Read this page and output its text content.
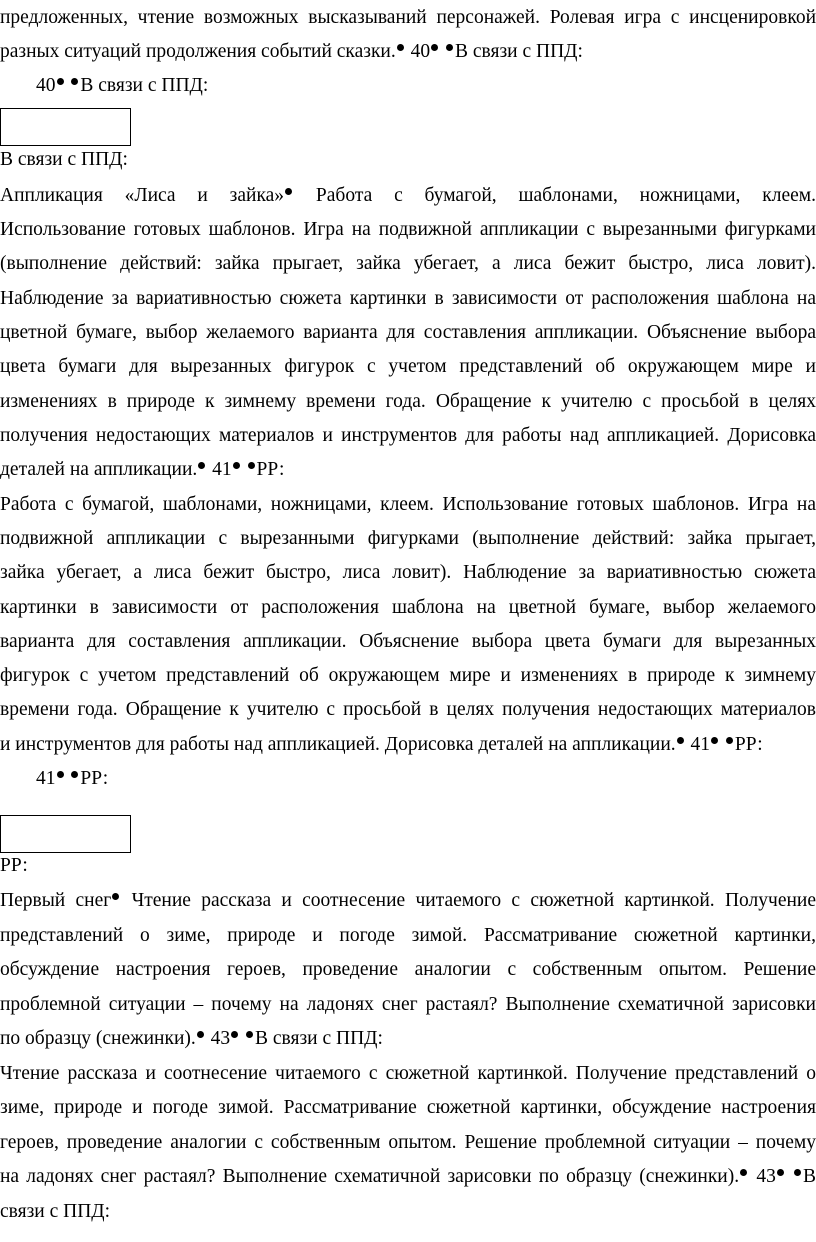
предложенных, чтение возможных высказываний персонажей. Ролевая игра с инсценировкой
разных ситуаций продолжения событий сказки. 40 В связи с ППД:
40 В связи с ППД:
В связи с ППД:
Аппликация «Лиса и зайка» Работа с бумагой, шаблонами, ножницами, клеем.
Использование готовых шаблонов. Игра на подвижной аппликации с вырезанными фигурками
(выполнение действий: зайка прыгает, зайка убегает, а лиса бежит быстро, лиса ловит).
Наблюдение за вариативностью сюжета картинки в зависимости от расположения шаблона на
цветной бумаге, выбор желаемого варианта для составления аппликации. Объяснение выбора
цвета бумаги для вырезанных фигурок с учетом представлений об окружающем мире и
изменениях в природе к зимнему времени года. Обращение к учителю с просьбой в целях
получения недостающих материалов и инструментов для работы над аппликацией. Дорисовка
деталей на аппликации. 41 РР:
Работа с бумагой, шаблонами, ножницами, клеем. Использование готовых шаблонов. Игра на
подвижной аппликации с вырезанными фигурками (выполнение действий: зайка прыгает,
зайка убегает, а лиса бежит быстро, лиса ловит). Наблюдение за вариативностью сюжета
картинки в зависимости от расположения шаблона на цветной бумаге, выбор желаемого
варианта для составления аппликации. Объяснение выбора цвета бумаги для вырезанных
фигурок с учетом представлений об окружающем мире и изменениях в природе к зимнему
времени года. Обращение к учителю с просьбой в целях получения недостающих материалов
и инструментов для работы над аппликацией. Дорисовка деталей на аппликации. 41 РР:
41 РР:
РР:
Первый снег Чтение рассказа и соотнесение читаемого с сюжетной картинкой. Получение
представлений о зиме, природе и погоде зимой. Рассматривание сюжетной картинки,
обсуждение настроения героев, проведение аналогии с собственным опытом. Решение
проблемной ситуации – почему на ладонях снег растаял? Выполнение схематичной зарисовки
по образцу (снежинки). 43 В связи с ППД:
Чтение рассказа и соотнесение читаемого с сюжетной картинкой. Получение представлений о
зиме, природе и погоде зимой. Рассматривание сюжетной картинки, обсуждение настроения
героев, проведение аналогии с собственным опытом. Решение проблемной ситуации – почему
на ладонях снег растаял? Выполнение схематичной зарисовки по образцу (снежинки). 43 В
связи с ППД:
